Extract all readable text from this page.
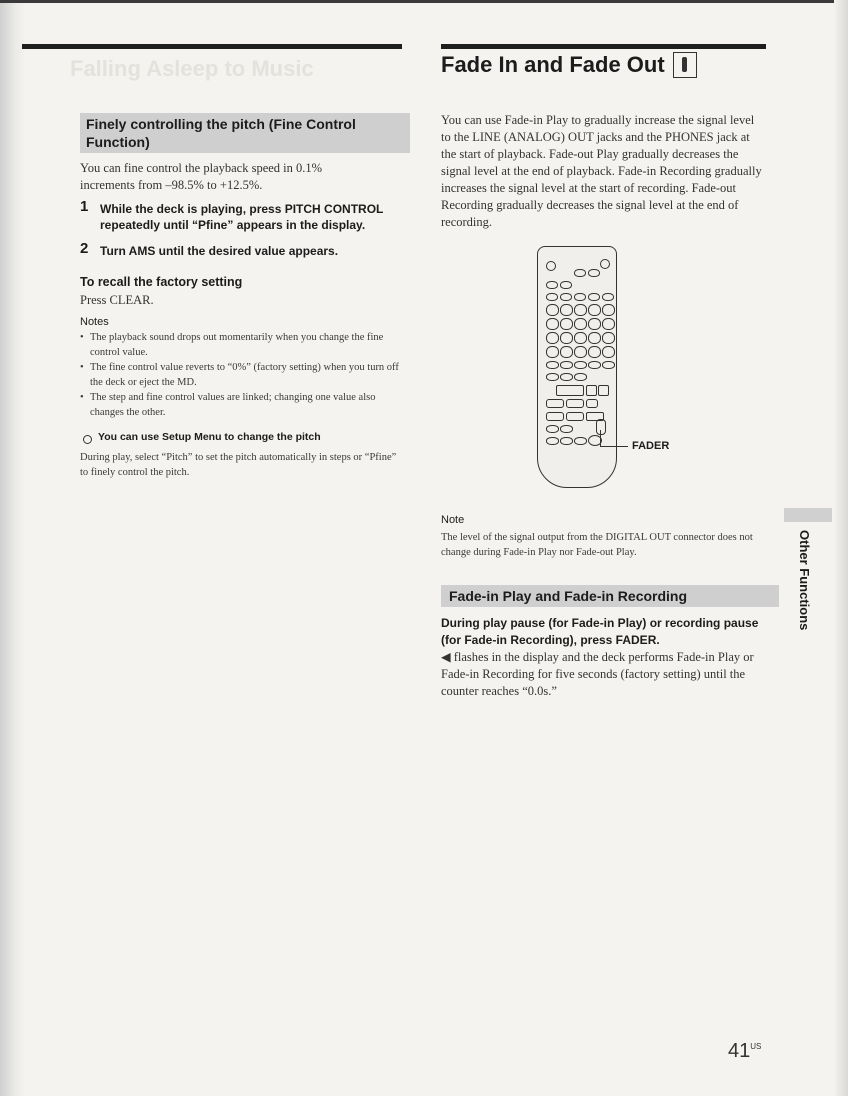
Falling Asleep to Music
Finely controlling the pitch (Fine Control Function)
You can fine control the playback speed in 0.1% increments from –98.5% to +12.5%.
1 While the deck is playing, press PITCH CONTROL repeatedly until “Pfine” appears in the display.
2 Turn AMS until the desired value appears.
To recall the factory setting
Press CLEAR.
Notes
• The playback sound drops out momentarily when you change the fine control value.
• The fine control value reverts to “0%” (factory setting) when you turn off the deck or eject the MD.
• The step and fine control values are linked; changing one value also changes the other.
You can use Setup Menu to change the pitch
During play, select “Pitch” to set the pitch automatically in steps or “Pfine” to finely control the pitch.
Fade In and Fade Out
You can use Fade-in Play to gradually increase the signal level to the LINE (ANALOG) OUT jacks and the PHONES jack at the start of playback. Fade-out Play gradually decreases the signal level at the end of playback. Fade-in Recording gradually increases the signal level at the start of recording. Fade-out Recording gradually decreases the signal level at the end of recording.
FADER
Note
The level of the signal output from the DIGITAL OUT connector does not change during Fade-in Play nor Fade-out Play.
Fade-in Play and Fade-in Recording
During play pause (for Fade-in Play) or recording pause (for Fade-in Recording), press FADER.
◀ flashes in the display and the deck performs Fade-in Play or Fade-in Recording for five seconds (factory setting) until the counter reaches “0.0s.”
Other Functions
$41^{US}$
